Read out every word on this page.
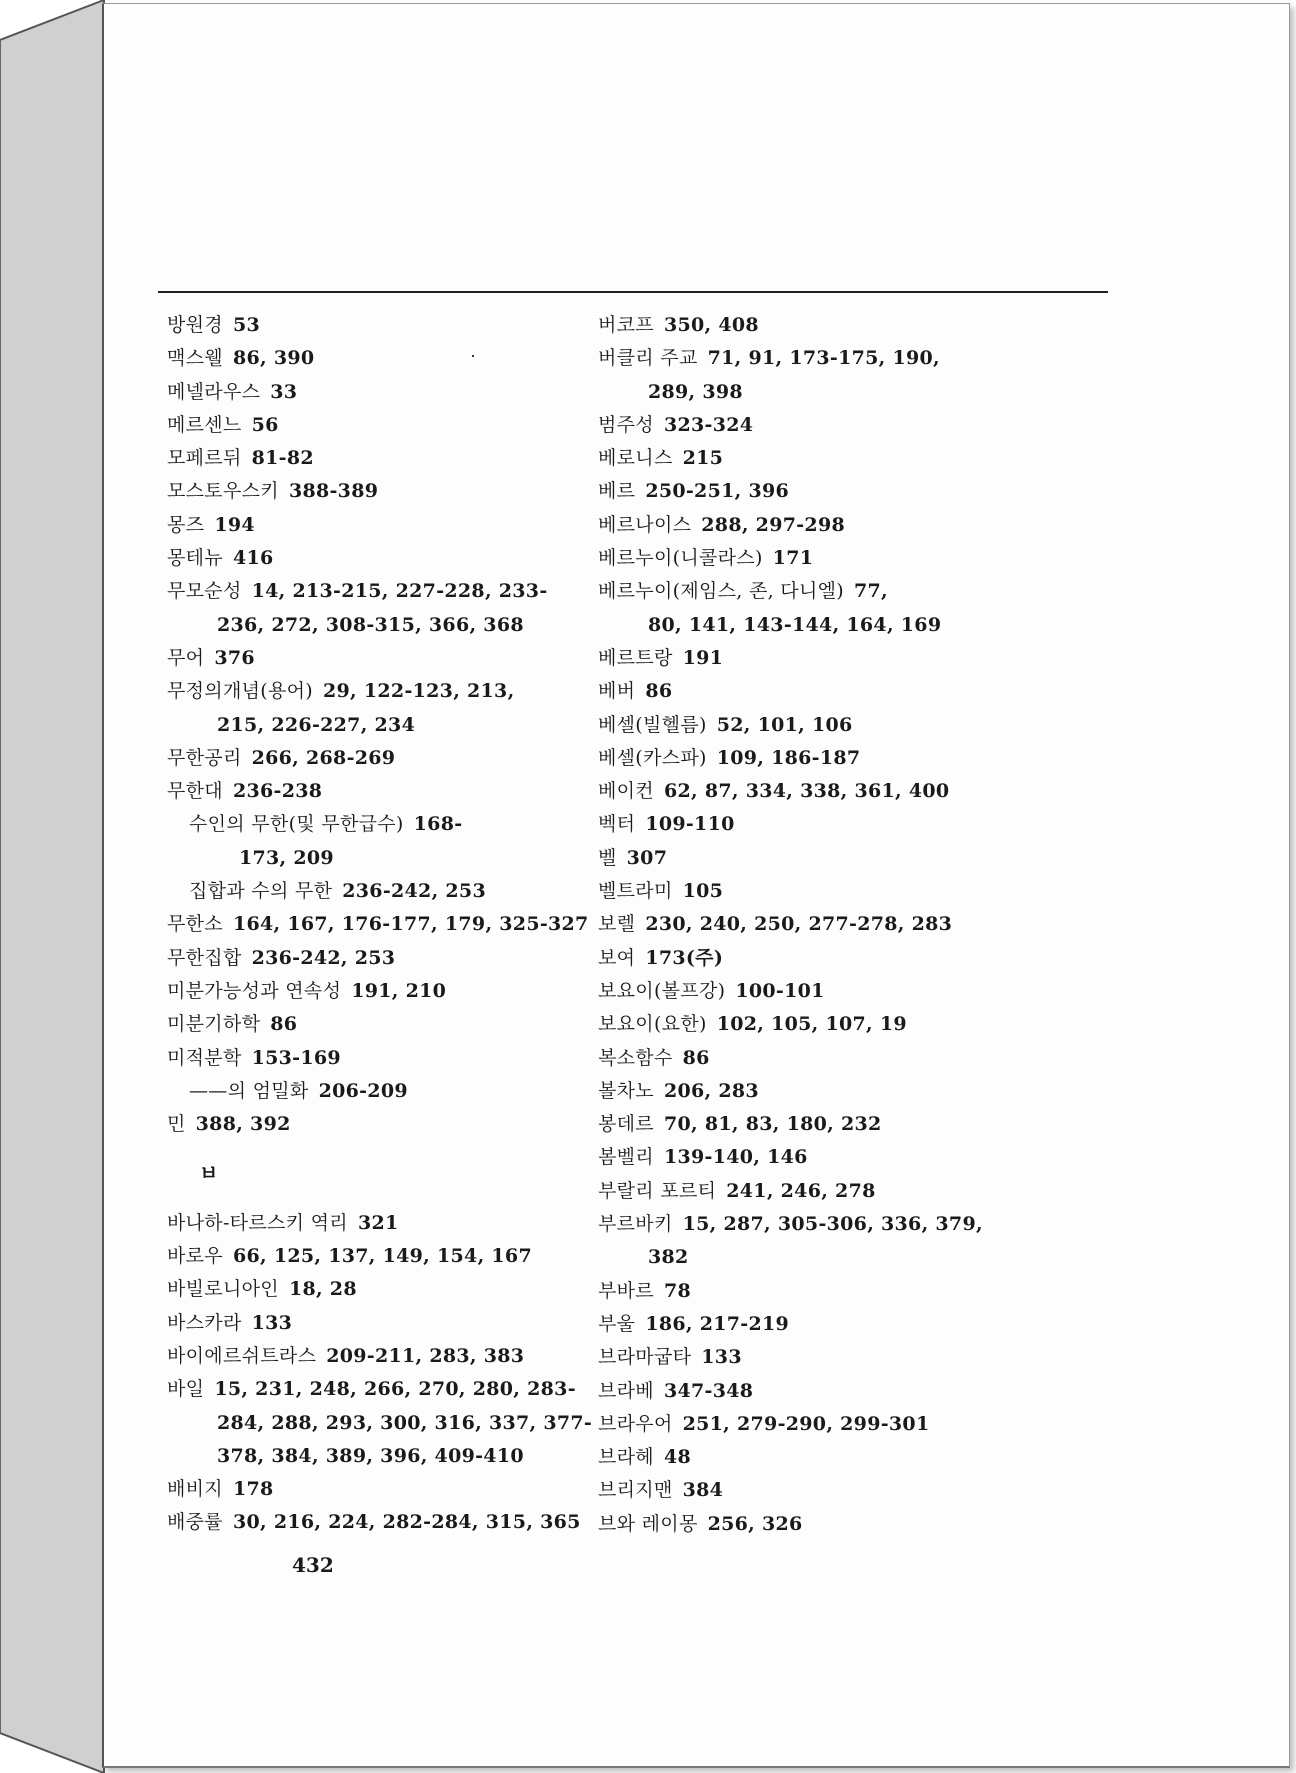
방원경 53
맥스웰 86, 390
메넬라우스 33
메르센느 56
모페르뒤 81-82
모스토우스키 388-389
몽즈 194
몽테뉴 416
무모순성 14, 213-215, 227-228, 233-
236, 272, 308-315, 366, 368
무어 376
무정의개념(용어) 29, 122-123, 213,
215, 226-227, 234
무한공리 266, 268-269
무한대 236-238
수인의 무한(및 무한급수) 168-
173, 209
집합과 수의 무한 236-242, 253
무한소 164, 167, 176-177, 179, 325-327
무한집합 236-242, 253
미분가능성과 연속성 191, 210
미분기하학 86
미적분학 153-169
——의 엄밀화 206-209
민 388, 392
ㅂ
바나하-타르스키 역리 321
바로우 66, 125, 137, 149, 154, 167
바빌로니아인 18, 28
바스카라 133
바이에르쉬트라스 209-211, 283, 383
바일 15, 231, 248, 266, 270, 280, 283-
284, 288, 293, 300, 316, 337, 377-
378, 384, 389, 396, 409-410
배비지 178
배중률 30, 216, 224, 282-284, 315, 365
버코프 350, 408
버클리 주교 71, 91, 173-175, 190,
289, 398
범주성 323-324
베로니스 215
베르 250-251, 396
베르나이스 288, 297-298
베르누이(니콜라스) 171
베르누이(제임스, 존, 다니엘) 77,
80, 141, 143-144, 164, 169
베르트랑 191
베버 86
베셀(빌헬름) 52, 101, 106
베셀(카스파) 109, 186-187
베이컨 62, 87, 334, 338, 361, 400
벡터 109-110
벨 307
벨트라미 105
보렐 230, 240, 250, 277-278, 283
보여 173(주)
보요이(볼프강) 100-101
보요이(요한) 102, 105, 107, 19
복소함수 86
볼차노 206, 283
봉데르 70, 81, 83, 180, 232
봄벨리 139-140, 146
부랄리 포르티 241, 246, 278
부르바키 15, 287, 305-306, 336, 379,
382
부바르 78
부울 186, 217-219
브라마굽타 133
브라베 347-348
브라우어 251, 279-290, 299-301
브라헤 48
브리지맨 384
브와 레이몽 256, 326
432
